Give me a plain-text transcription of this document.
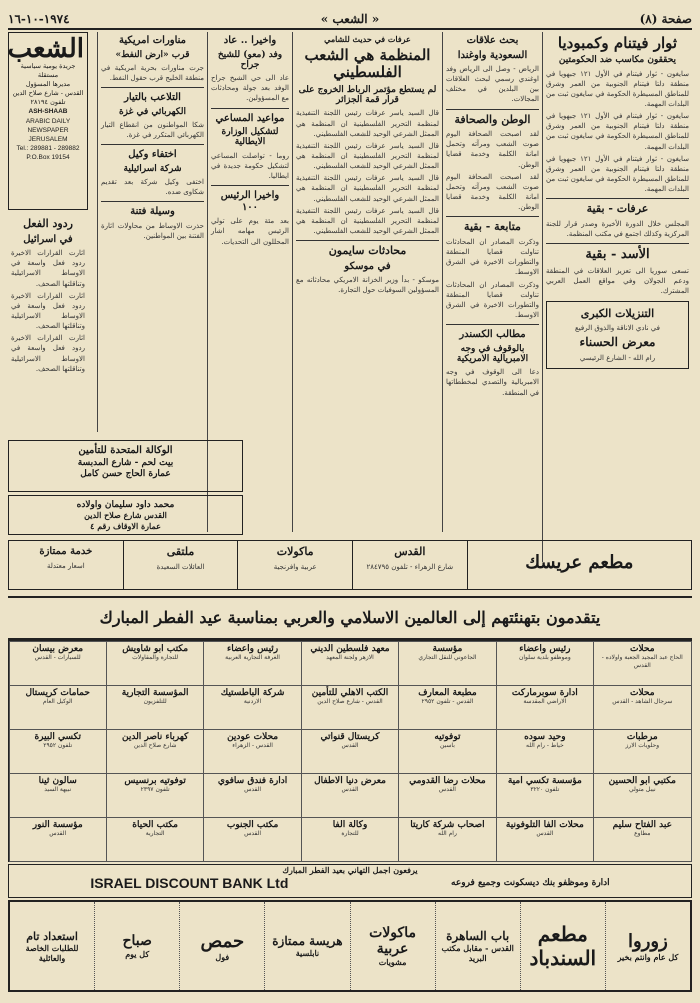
صفحة (٨)
« الشعب »
١٩٧٤-١٠-١٦
ثوار فيتنام وكمبوديا
يحققون مكاسب ضد الحكومتين
سايغون - ثوار فيتنام في الأول ١٢١ جبهويا في منطقة دلتا فيتنام الجنوبية من العمر وشرق للمناطق المسيطرة الحكومة في سايغون ثبت من البلدات المهمة.
سايغون - ثوار فيتنام في الأول ١٢١ جبهويا في منطقة دلتا فيتنام الجنوبية من العمر وشرق للمناطق المسيطرة الحكومة في سايغون ثبت من البلدات المهمة.
سايغون - ثوار فيتنام في الأول ١٢١ جبهويا في منطقة دلتا فيتنام الجنوبية من العمر وشرق للمناطق المسيطرة الحكومة في سايغون ثبت من البلدات المهمة.
عرفات - بقية
المجلس خلال الدورة الأخيرة وصدر قرار للجنة المركزية وكذلك اجتمع في مكتب المنظمة.
الأسد - بقية
تسعى سوريا الى تعزيز العلاقات في المنطقة ودعم الجولان وفي مواقع العمل العربي المشترك.
التنزيلات الكبرى
في نادي الاناقة والذوق الرفيع
معرض الحسناء
رام الله - الشارع الرئيسي
بحث علاقات
السعودية واوغندا
الرياض - وصل الى الرياض وفد اوغندي رسمي لبحث العلاقات بين البلدين في مختلف المجالات.
الوطن والصحافة
لقد اصبحت الصحافة اليوم صوت الشعب ومرآته وتحمل امانة الكلمة وخدمة قضايا الوطن.
لقد اصبحت الصحافة اليوم صوت الشعب ومرآته وتحمل امانة الكلمة وخدمة قضايا الوطن.
متابعة - بقية
وذكرت المصادر ان المحادثات تناولت قضايا المنطقة والتطورات الاخيرة في الشرق الاوسط.
وذكرت المصادر ان المحادثات تناولت قضايا المنطقة والتطورات الاخيرة في الشرق الاوسط.
مطالب الكسندر
بالوقوف في وجه الامبريالية الامريكية
دعا الى الوقوف في وجه الامبريالية والتصدي لمخططاتها في المنطقة.
عرفات في حديث للشامي
المنظمة هي الشعب الفلسطيني
لم يستطع مؤتمر الرباط الخروج على قرار قمة الجزائر
قال السيد ياسر عرفات رئيس اللجنة التنفيذية لمنظمة التحرير الفلسطينية ان المنظمة هي الممثل الشرعي الوحيد للشعب الفلسطيني.
قال السيد ياسر عرفات رئيس اللجنة التنفيذية لمنظمة التحرير الفلسطينية ان المنظمة هي الممثل الشرعي الوحيد للشعب الفلسطيني.
قال السيد ياسر عرفات رئيس اللجنة التنفيذية لمنظمة التحرير الفلسطينية ان المنظمة هي الممثل الشرعي الوحيد للشعب الفلسطيني.
قال السيد ياسر عرفات رئيس اللجنة التنفيذية لمنظمة التحرير الفلسطينية ان المنظمة هي الممثل الشرعي الوحيد للشعب الفلسطيني.
محادثات سايمون
في موسكو
موسكو - بدأ وزير الخزانة الامريكي محادثاته مع المسؤولين السوفيات حول التجارة.
واخيرا .. عاد
وفد (معو) للشيخ جراح
عاد الى حي الشيخ جراح الوفد بعد جولة ومحادثات مع المسؤولين.
مواعيد المساعي
لتشكيل الوزارة الايطالية
روما - تواصلت المساعي لتشكيل حكومة جديدة في ايطاليا.
واخيرا الرئيس ١٠٠
بعد مئة يوم على تولي الرئيس مهامه اشار المحللون الى التحديات.
مناورات امريكية
قرب «ارض النفط»
جرت مناورات بحرية امريكية في منطقة الخليج قرب حقول النفط.
التلاعب بالتيار
الكهربائي في غزة
شكا المواطنون من انقطاع التيار الكهربائي المتكرر في غزة.
اختفاء وكيل
شركة اسرائيلية
اختفى وكيل شركة بعد تقديم شكاوى ضده.
وسيلة فتنة
حذرت الاوساط من محاولات اثارة الفتنة بين المواطنين.
الشعب
جريدة يومية سياسية مستقلة
مديرها المسؤول
القدس - شارع صلاح الدين
تلفون ٢٨١٩٤
ASH-SHAAB
ARABIC DAILY NEWSPAPER
JERUSALEM
Tel.: 289881 - 289882
P.O.Box 19154
ردود الفعل
في اسرائيل
اثارت القرارات الاخيرة ردود فعل واسعة في الاوساط الاسرائيلية وتناقلتها الصحف.
اثارت القرارات الاخيرة ردود فعل واسعة في الاوساط الاسرائيلية وتناقلتها الصحف.
اثارت القرارات الاخيرة ردود فعل واسعة في الاوساط الاسرائيلية وتناقلتها الصحف.
الوكالة المتحدة للتأمين
بيت لحم - شارع المدبسة
عمارة الحاج حسن كامل
محمد داود سليمان واولاده
القدس شارع صلاح الدين
عمارة الاوقاف رقم ٤
مطعم عريسك
القدس
شارع الزهراء - تلفون ٢٨٤٧٩٥
ماكولات
عربية وافرنجية
ملتقى
العائلات السعيدة
خدمة ممتازة
اسعار معتدلة
يتقدمون بتهنئتهم إلى العالمين الاسلامي والعربي بمناسبة عيد الفطر المبارك
محلات
الحاج عبد المجيد الجعبة واولاده - القدس
رئيس واعضاء
وموظفو بلدية سلوان
مؤسسة
الجاعوني للنقل التجاري
معهد فلسطين الديني
الازهر ولجنة المعهد
رئيس واعضاء
الغرفة التجارية العربية
مكتب ابو شاويش
للتجارة والمقاولات
معرض بيسان
للسيارات - القدس
محلات
سرجال الشاهد - القدس
ادارة سوبرماركت
الاراضي المقدسة
مطبعة المعارف
القدس - تلفون ٢٩٥٢
الكتب الاهلي للتأمين
القدس - شارع صلاح الدين
شركة الباطستيك
الاردنية
المؤسسة التجارية
للتلفزيون
حمامات كريستال
الوكيل العام
مرطبات
وحلويات الارز
وحيد سوده
خياط - رام الله
توفوتيه
باسين
كريستال قنواتي
القدس
محلات عودين
القدس - الزهراء
كهرباء ناصر الدين
شارع صلاح الدين
تكسي البيرة
تلفون ٢٩٥٢
مكتبي ابو الحسين
نيبل متولي
مؤسسة تكسي امية
تلفون ٣٢٢٠
محلات رضا القدومي
القدس
معرض دنيا الاطفال
القدس
ادارة فندق سافوي
القدس
توفوتيه برنسيس
تلفون ٢٣٩٧
سالون ثينا
نبيهة السيد
عبد الفتاح سليم
مطاوع
محلات الفا التلوفونية
القدس
اصحاب شركة كاريتا
رام الله
وكالة الفا
للتجارة
مكتب الجنوب
القدس
مكتب الحياة
التجارية
مؤسسة النور
القدس
يرفعون اجمل التهاني بعيد الفطر المبارك
ادارة وموظفو بنك ديسكونت وجميع فروعه
ISRAEL DISCOUNT BANK Ltd
زوروا
كل عام وانتم بخير
مطعم السندباد
باب الساهرة
القدس - مقابل مكتب البريد
ماكولات عربية
مشويات
هريسة ممتازة
نابلسية
حمص
فول
صباح
كل يوم
استعداد تام
للطلبات الخاصة والعائلية
